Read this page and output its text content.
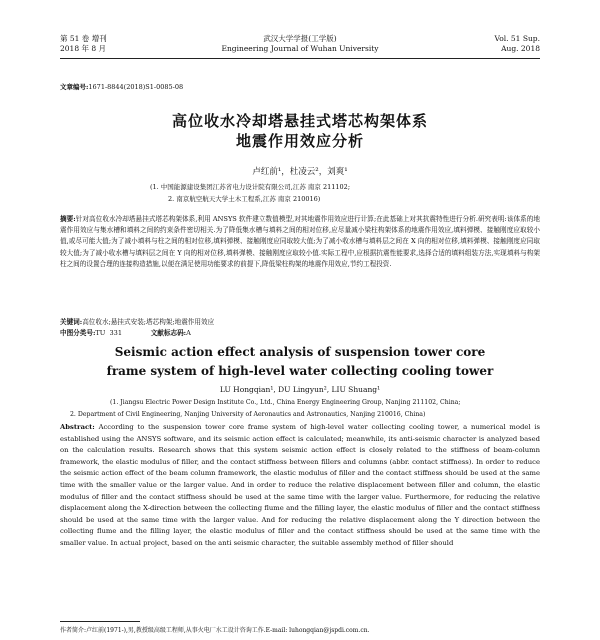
第 51 卷 增刊
2018 年 8 月
武汉大学学报(工学版)
Engineering Journal of Wuhan University
Vol. 51 Sup.
Aug. 2018
文章编号:1671-8844(2018)S1-0085-08
高位收水冷却塔悬挂式塔芯构架体系
地震作用效应分析
卢红前¹，杜凌云²，刘爽¹
(1. 中国能源建设集团江苏省电力设计院有限公司,江苏 南京 211102;
2. 南京航空航天大学土木工程系,江苏 南京 210016)
摘要:针对高位收水冷却塔悬挂式塔芯构架体系,利用 ANSYS 软件建立数值模型,对其地震作用效应进行计算;在此基础上对其抗震特性进行分析.研究表明:该体系的地震作用效应与集水槽和填料之间的约束条件密切相关.为了降低集水槽与填料之间的相对位移,应尽量减小梁柱构架体系的地震作用效应,填料弹模、接触刚度应取较小值,或尽可能大值;为了减小填料与柱之间的相对位移,填料弹模、接触刚度应同取较大值;为了减小收水槽与填料层之间在 X 向的相对位移,填料弹模、接触刚度应同取较大值;为了减小收水槽与填料层之间在 Y 向的相对位移,填料弹模、接触刚度应取较小值.实际工程中,应根据抗震性能要求,选择合适的填料组装方法,实现填料与构架柱之间的设置合理的连接构造措施,以便在满足使用功能要求的前提下,降低梁柱构架的地震作用效应,节约工程投资.
关键词:高位收水;悬挂式安装;塔芯构架;地震作用效应
中图分类号:TU 331	文献标志码:A
Seismic action effect analysis of suspension tower core
frame system of high-level water collecting cooling tower
LU Hongqian¹, DU Lingyun², LIU Shuang¹
(1. Jiangsu Electric Power Design Institute Co., Ltd., China Energy Engineering Group, Nanjing 211102, China;
2. Department of Civil Engineering, Nanjing University of Aeronautics and Astronautics, Nanjing 210016, China)
Abstract: According to the suspension tower core frame system of high-level water collecting cooling tower, a numerical model is established using the ANSYS software, and its seismic action effect is calculated; meanwhile, its anti-seismic character is analyzed based on the calculation results. Research shows that this system seismic action effect is closely related to the stiffness of beam-column framework, the elastic modulus of filler, and the contact stiffness between fillers and columns (abbr. contact stiffness). In order to reduce the seismic action effect of the beam column framework, the elastic modulus of filler and the contact stiffness should be used at the same time with the smaller value or the larger value. And in order to reduce the relative displacement between filler and column, the elastic modulus of filler and the contact stiffness should be used at the same time with the larger value. Furthermore, for reducing the relative displacement along the X-direction between the collecting flume and the filling layer, the elastic modulus of filler and the contact stiffness should be used at the same time with the larger value. And for reducing the relative displacement along the Y direction between the collecting flume and the filling layer, the elastic modulus of filler and the contact stiffness should be used at the same time with the smaller value. In actual project, based on the anti seismic character, the suitable assembly method of filler should
作者简介:卢红前(1971-),男,教授级高级工程师,从事火电厂水工设计咨询工作.E-mail: luhongqian@jspdi.com.cn.
